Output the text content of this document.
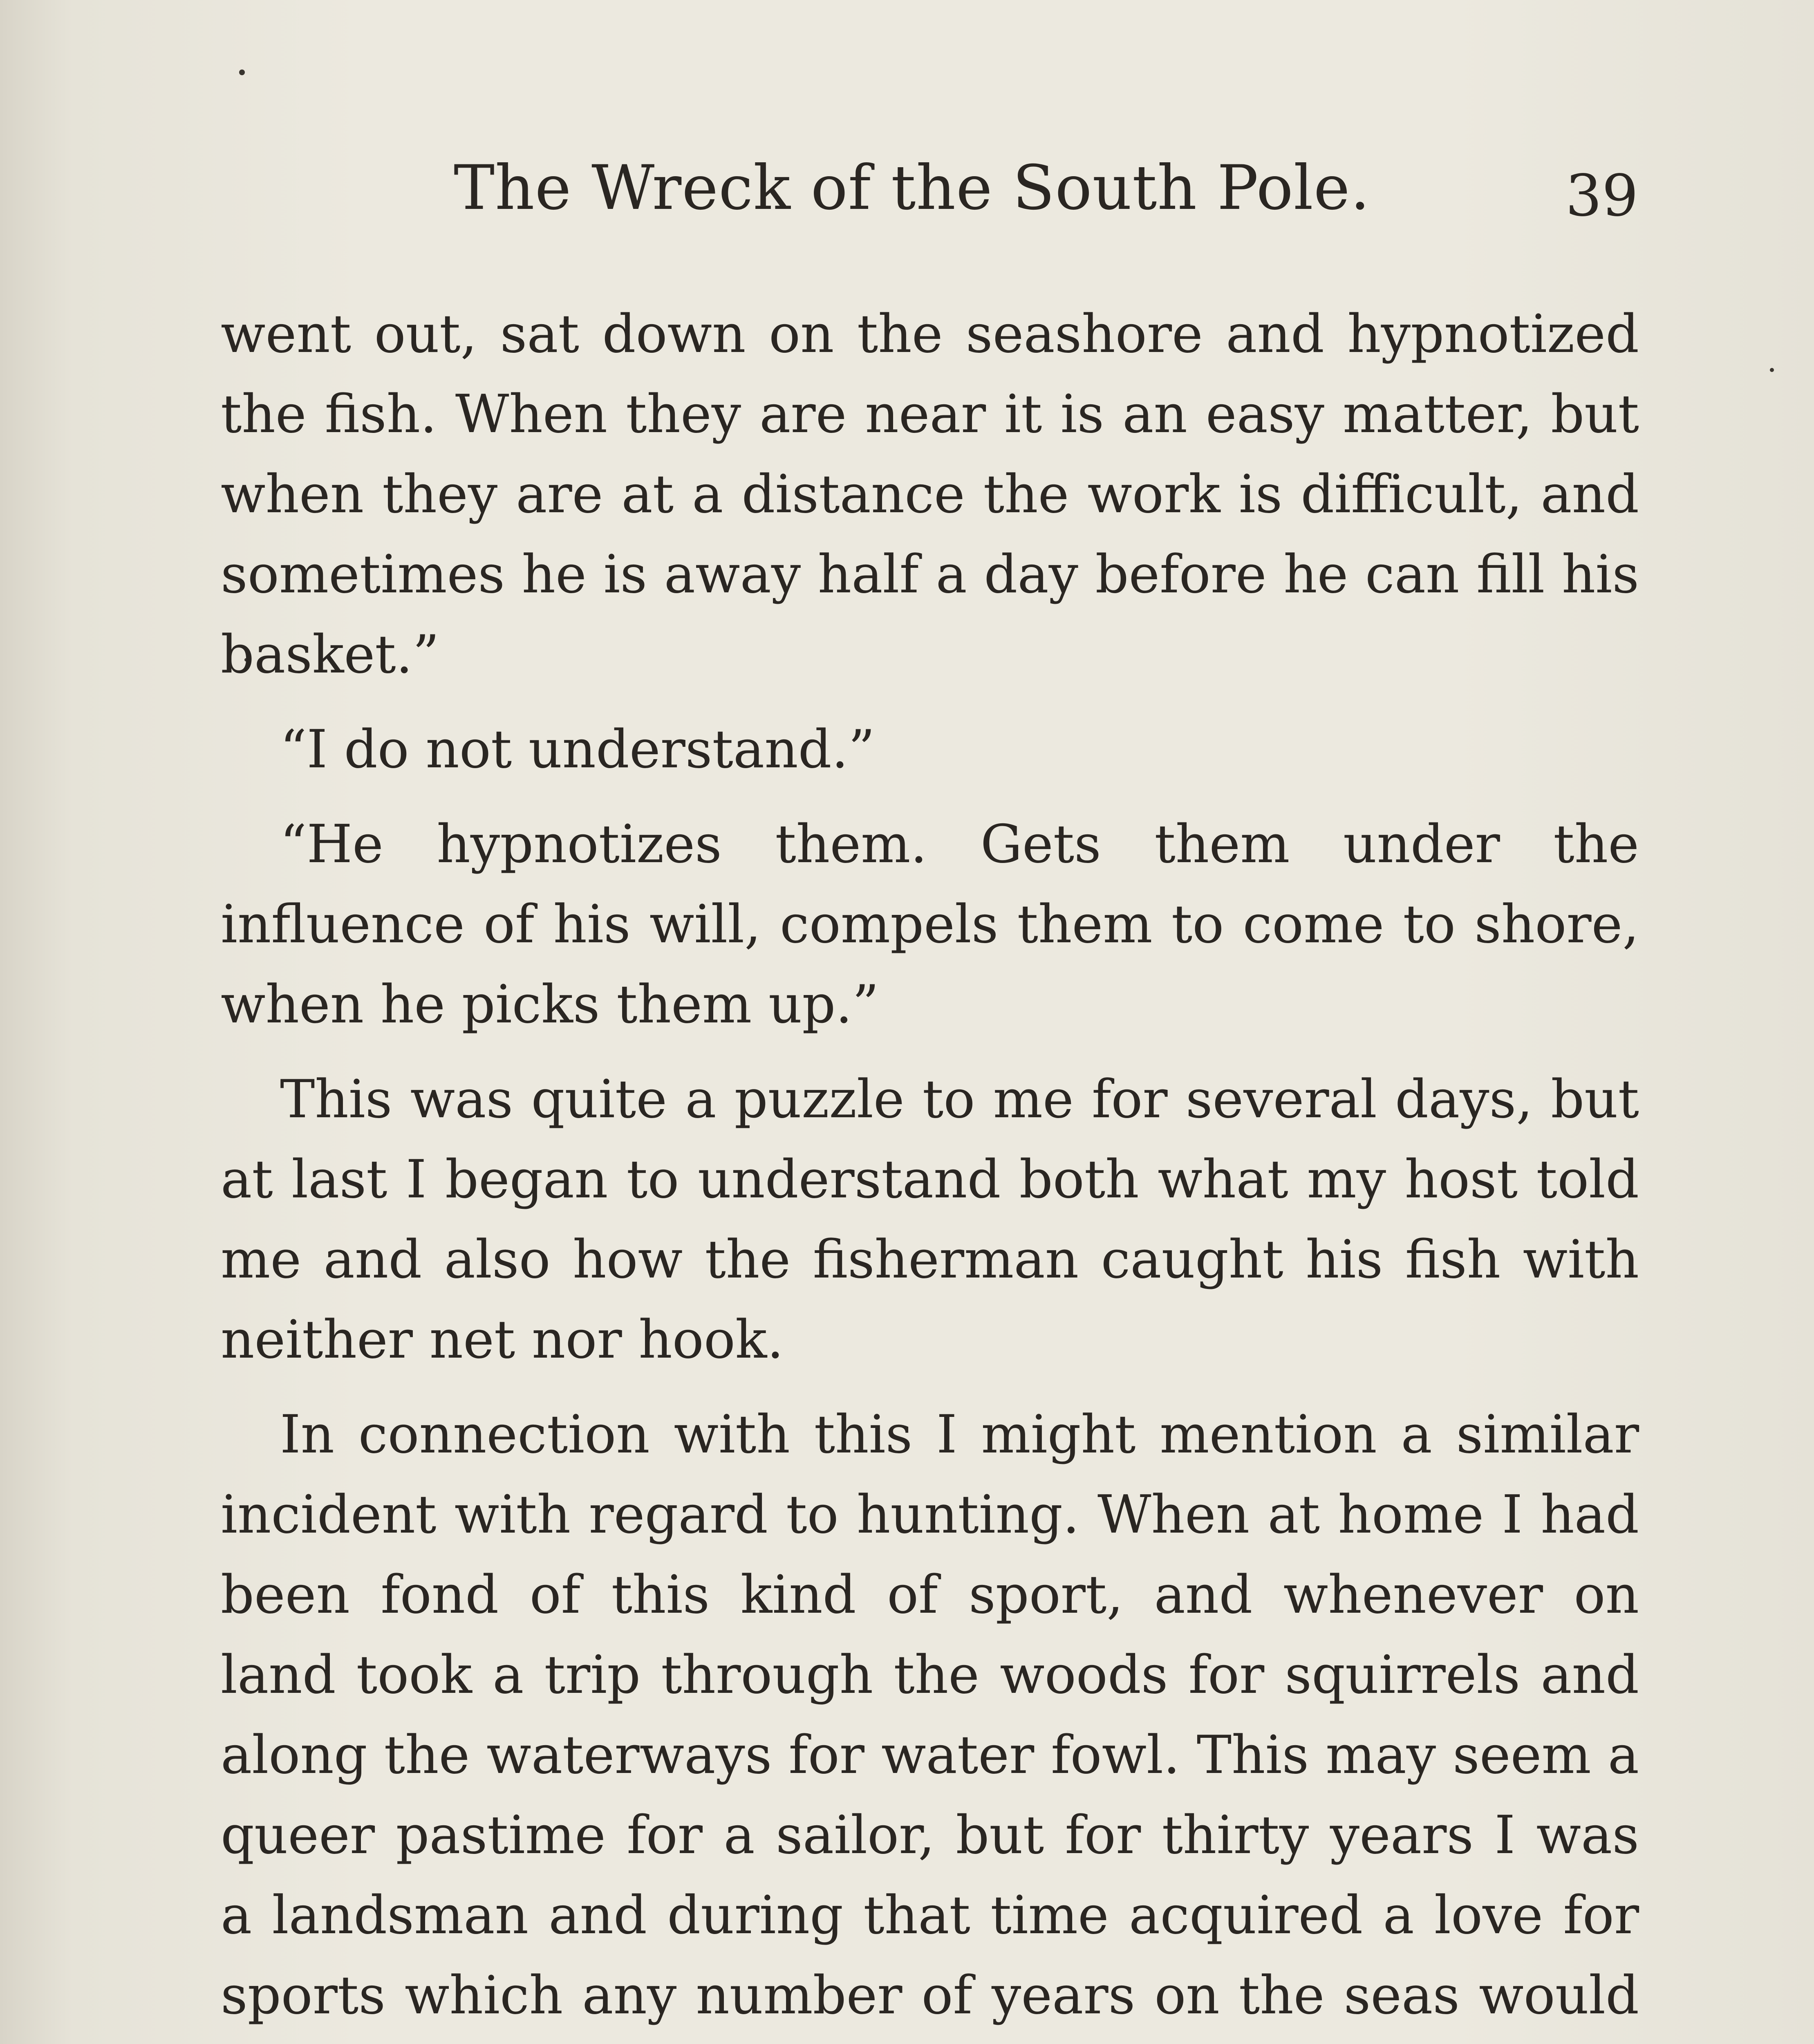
The Wreck of the South Pole.	39

went out, sat down on the seashore and hypnotized the fish. When they are near it is an easy matter, but when they are at a distance the work is difficult, and sometimes he is away half a day before he can fill his basket.”

“I do not understand.”

“He hypnotizes them. Gets them under the influence of his will, compels them to come to shore, when he picks them up.”

This was quite a puzzle to me for several days, but at last I began to understand both what my host told me and also how the fisherman caught his fish with neither net nor hook.

In connection with this I might mention a similar incident with regard to hunting. When at home I had been fond of this kind of sport, and whenever on land took a trip through the woods for squirrels and along the waterways for water fowl. This may seem a queer pastime for a sailor, but for thirty years I was a landsman and during that time acquired a love for sports which any number of years on the seas would
